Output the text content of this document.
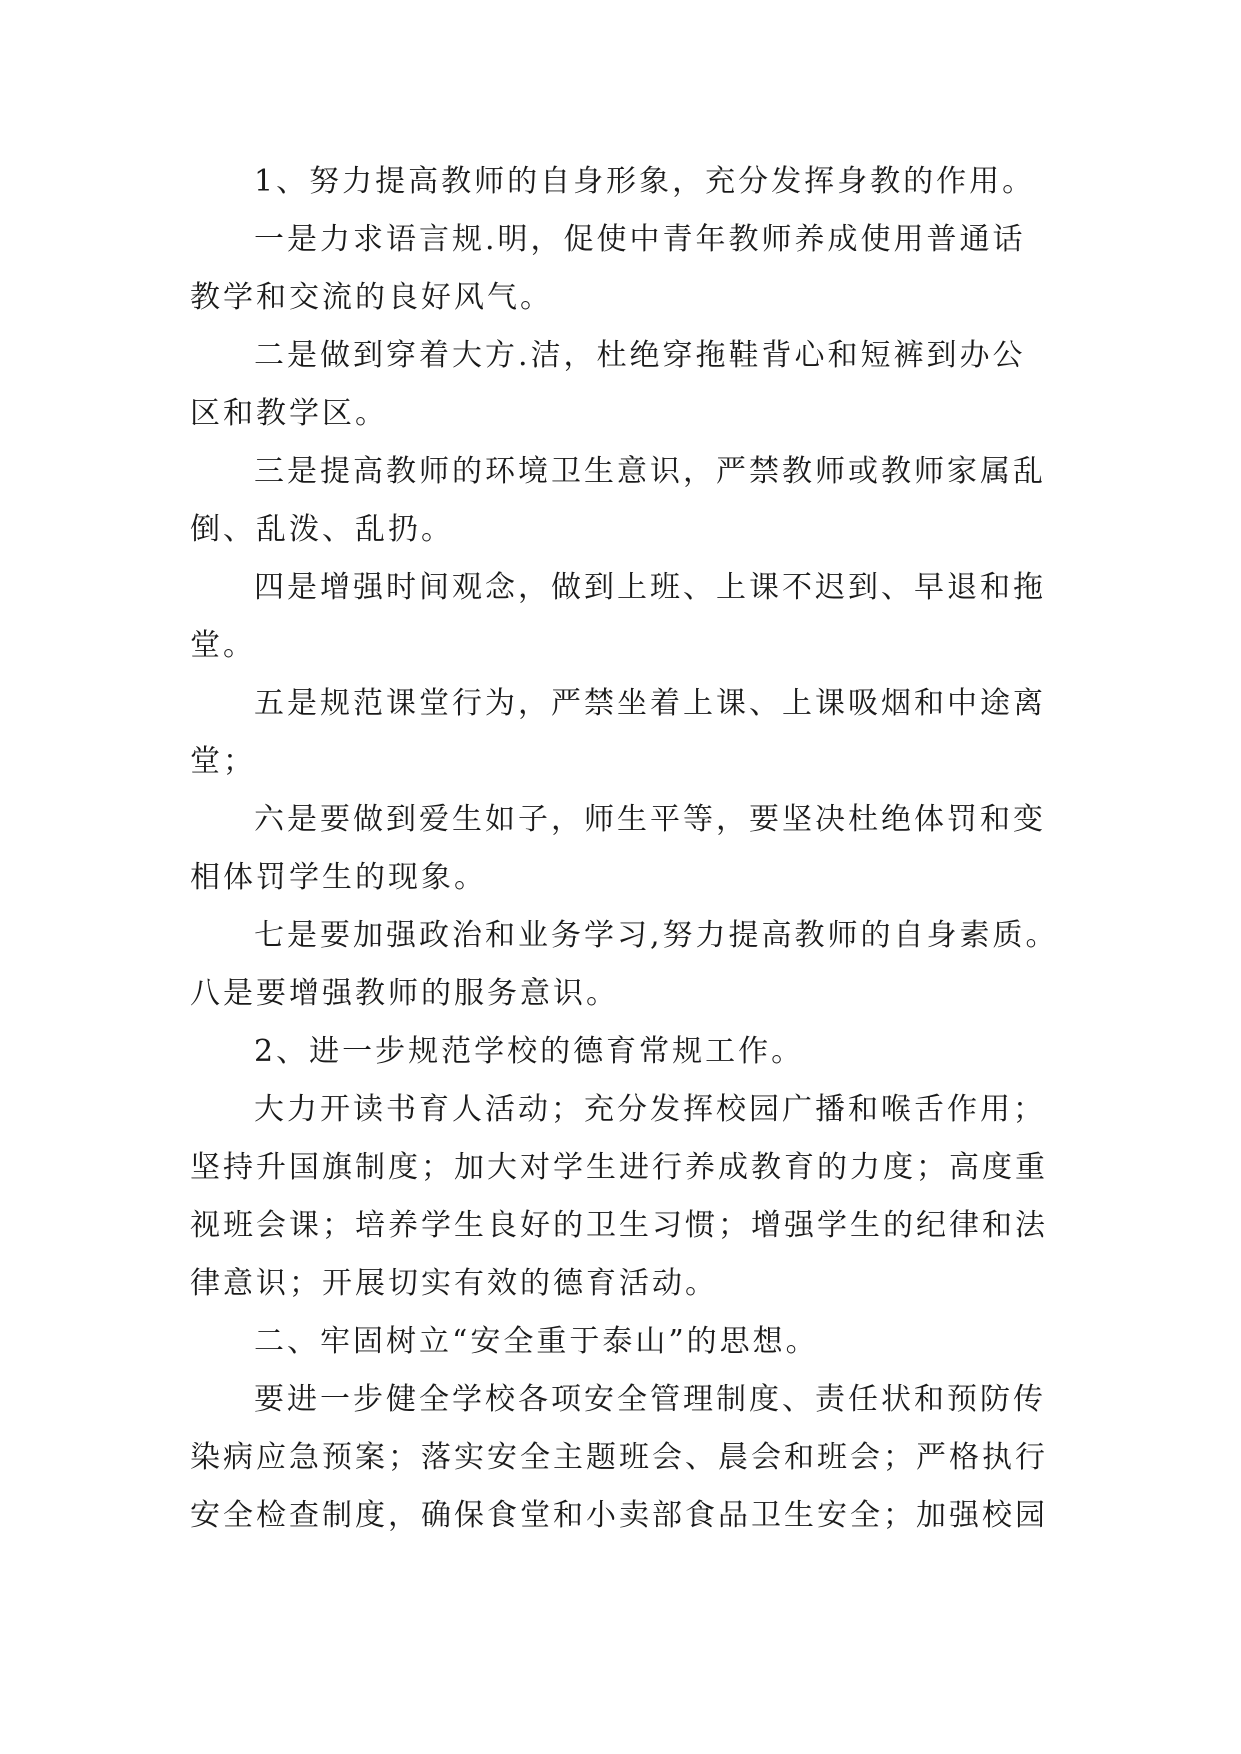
1、努力提高教师的自身形象，充分发挥身教的作用。
一是力求语言规.明，促使中青年教师养成使用普通话
教学和交流的良好风气。
二是做到穿着大方.洁，杜绝穿拖鞋背心和短裤到办公
区和教学区。
三是提高教师的环境卫生意识，严禁教师或教师家属乱
倒、乱泼、乱扔。
四是增强时间观念，做到上班、上课不迟到、早退和拖
堂。
五是规范课堂行为，严禁坐着上课、上课吸烟和中途离
堂；
六是要做到爱生如子，师生平等，要坚决杜绝体罚和变
相体罚学生的现象。
七是要加强政治和业务学习,努力提高教师的自身素质。
八是要增强教师的服务意识。
2、进一步规范学校的德育常规工作。
大力开读书育人活动；充分发挥校园广播和喉舌作用；
坚持升国旗制度；加大对学生进行养成教育的力度；高度重
视班会课；培养学生良好的卫生习惯；增强学生的纪律和法
律意识；开展切实有效的德育活动。
二、牢固树立“安全重于泰山”的思想。
要进一步健全学校各项安全管理制度、责任状和预防传
染病应急预案；落实安全主题班会、晨会和班会；严格执行
安全检查制度，确保食堂和小卖部食品卫生安全；加强校园
